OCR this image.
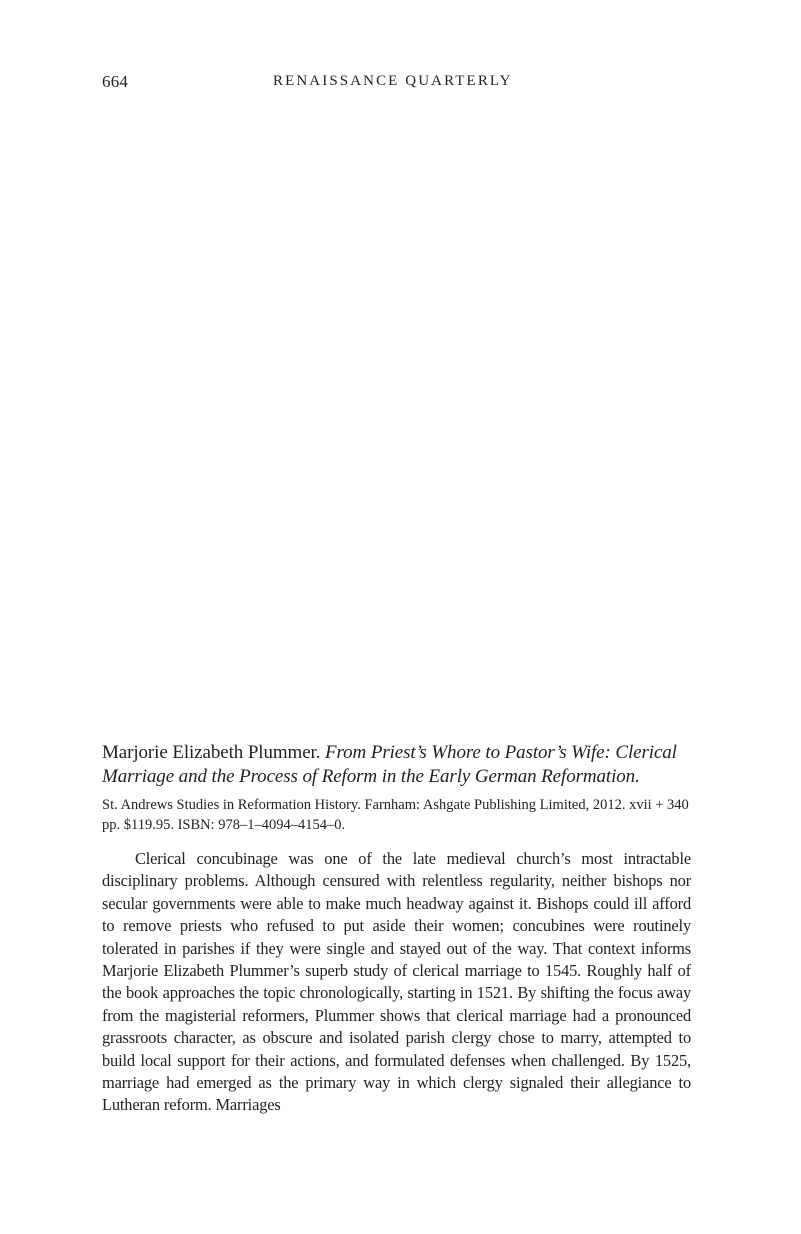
664	RENAISSANCE QUARTERLY

Marjorie Elizabeth Plummer. From Priest’s Whore to Pastor’s Wife: Clerical Marriage and the Process of Reform in the Early German Reformation.

St. Andrews Studies in Reformation History. Farnham: Ashgate Publishing Limited, 2012. xvii + 340 pp. $119.95. ISBN: 978–1–4094–4154–0.

Clerical concubinage was one of the late medieval church’s most intractable disciplinary problems. Although censured with relentless regularity, neither bishops nor secular governments were able to make much headway against it. Bishops could ill afford to remove priests who refused to put aside their women; concubines were routinely tolerated in parishes if they were single and stayed out of the way. That context informs Marjorie Elizabeth Plummer’s superb study of clerical marriage to 1545. Roughly half of the book approaches the topic chronologically, starting in 1521. By shifting the focus away from the magisterial reformers, Plummer shows that clerical marriage had a pronounced grassroots character, as obscure and isolated parish clergy chose to marry, attempted to build local support for their actions, and formulated defenses when challenged. By 1525, marriage had emerged as the primary way in which clergy signaled their allegiance to Lutheran reform. Marriages
